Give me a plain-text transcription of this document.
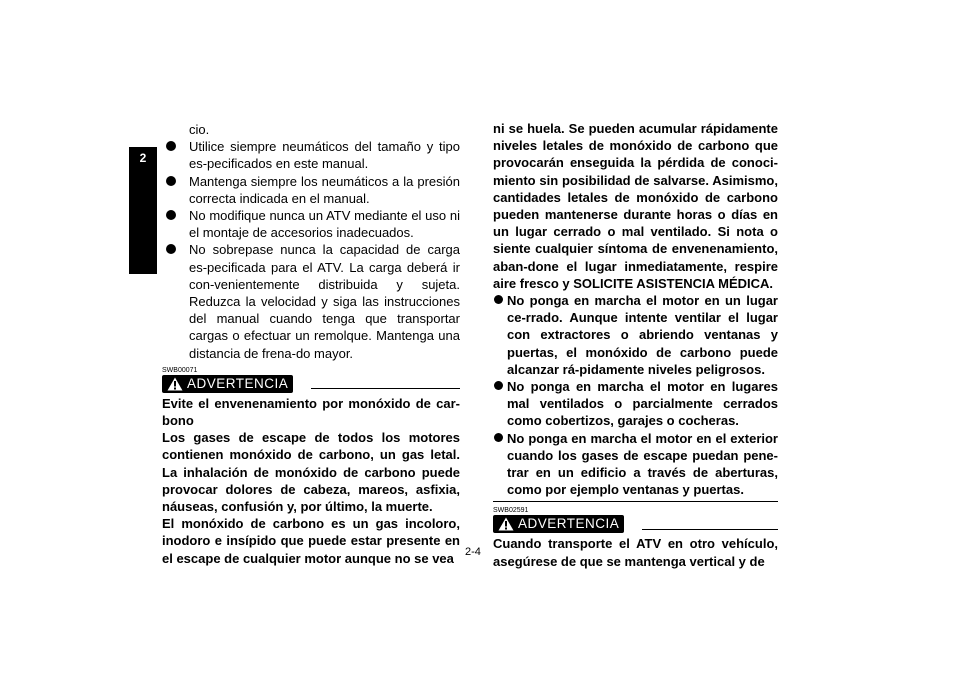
2

cio.

Utilice siempre neumáticos del tamaño y tipo es-pecificados en este manual.
Mantenga siempre los neumáticos a la presión correcta indicada en el manual.
No modifique nunca un ATV mediante el uso ni el montaje de accesorios inadecuados.
No sobrepase nunca la capacidad de carga es-pecificada para el ATV. La carga deberá ir con-venientemente distribuida y sujeta. Reduzca la velocidad y siga las instrucciones del manual cuando tenga que transportar cargas o efectuar un remolque. Mantenga una distancia de frena-do mayor.
SWB00071
ADVERTENCIA

Evite el envenenamiento por monóxido de car-bono

Los gases de escape de todos los motores contienen monóxido de carbono, un gas letal. La inhalación de monóxido de carbono puede provocar dolores de cabeza, mareos, asfixia, náuseas, confusión y, por último, la muerte.

El monóxido de carbono es un gas incoloro, inodoro e insípido que puede estar presente en el escape de cualquier motor aunque no se vea

ni se huela. Se pueden acumular rápidamente niveles letales de monóxido de carbono que provocarán enseguida la pérdida de conoci-miento sin posibilidad de salvarse. Asimismo, cantidades letales de monóxido de carbono pueden mantenerse durante horas o días en un lugar cerrado o mal ventilado. Si nota o siente cualquier síntoma de envenenamiento, aban-done el lugar inmediatamente, respire aire fresco y SOLICITE ASISTENCIA MÉDICA.

No ponga en marcha el motor en un lugar ce-rrado. Aunque intente ventilar el lugar con extractores o abriendo ventanas y puertas, el monóxido de carbono puede alcanzar rá-pidamente niveles peligrosos.
No ponga en marcha el motor en lugares mal ventilados o parcialmente cerrados como cobertizos, garajes o cocheras.
No ponga en marcha el motor en el exterior cuando los gases de escape puedan pene-trar en un edificio a través de aberturas, como por ejemplo ventanas y puertas.
SWB02591
ADVERTENCIA

Cuando transporte el ATV en otro vehículo, asegúrese de que se mantenga vertical y de

2-4
